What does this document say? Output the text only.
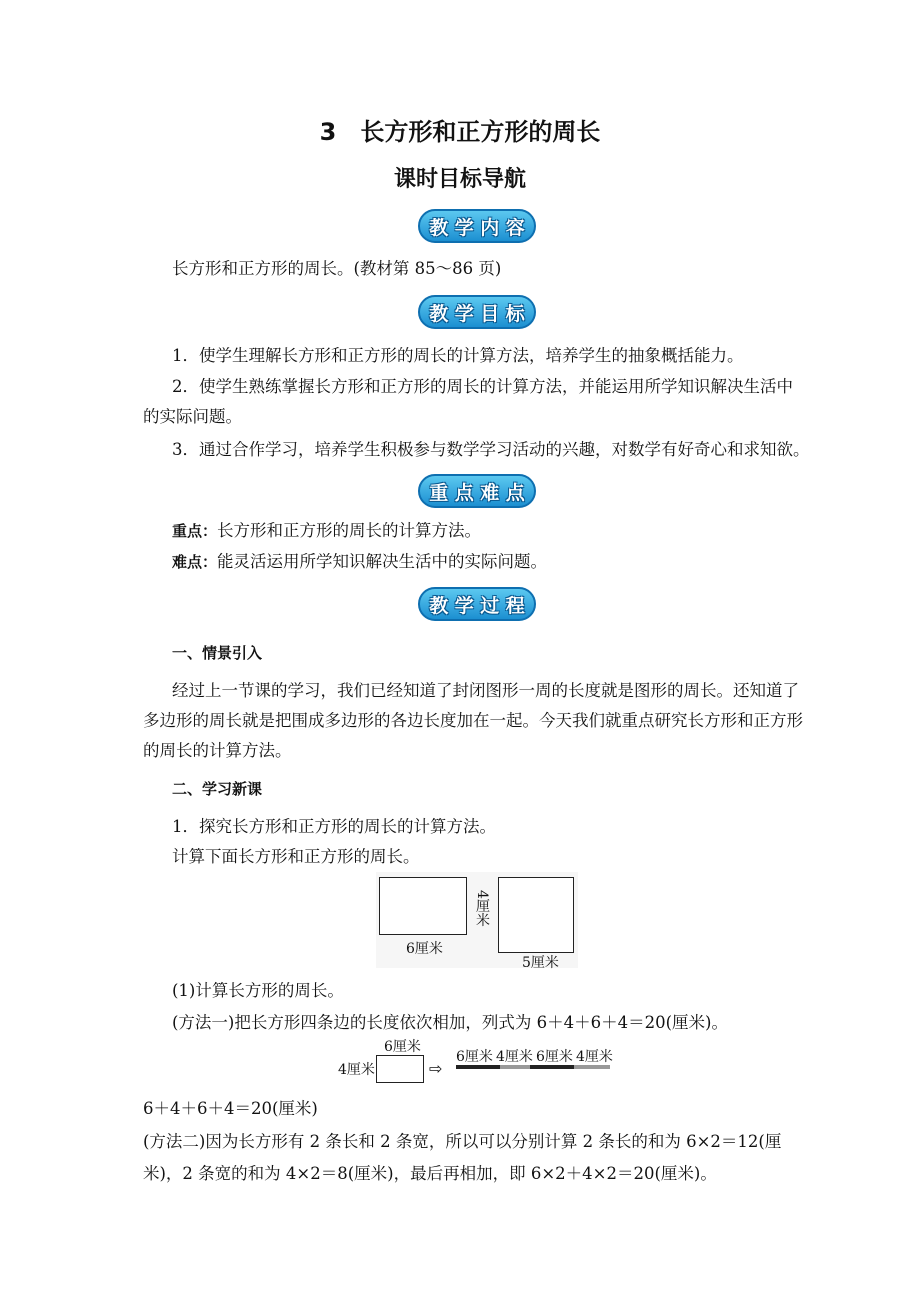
3　长方形和正方形的周长
课时目标导航
教 学 内 容
长方形和正方形的周长。(教材第 85～86 页)
教 学 目 标
1．使学生理解长方形和正方形的周长的计算方法，培养学生的抽象概括能力。
2．使学生熟练掌握长方形和正方形的周长的计算方法，并能运用所学知识解决生活中
的实际问题。
3．通过合作学习，培养学生积极参与数学学习活动的兴趣，对数学有好奇心和求知欲。
重 点 难 点
重点：长方形和正方形的周长的计算方法。
难点：能灵活运用所学知识解决生活中的实际问题。
教 学 过 程
一、情景引入
经过上一节课的学习，我们已经知道了封闭图形一周的长度就是图形的周长。还知道了
多边形的周长就是把围成多边形的各边长度加在一起。今天我们就重点研究长方形和正方形
的周长的计算方法。
二、学习新课
1．探究长方形和正方形的周长的计算方法。
计算下面长方形和正方形的周长。
6厘米
4厘米
5厘米
(1)计算长方形的周长。
(方法一)把长方形四条边的长度依次相加，列式为 6＋4＋6＋4＝20(厘米)。
6厘米
4厘米	⇨
6厘米 4厘米 6厘米 4厘米
6＋4＋6＋4＝20(厘米)
(方法二)因为长方形有 2 条长和 2 条宽，所以可以分别计算 2 条长的和为 6×2＝12(厘
米)，2 条宽的和为 4×2＝8(厘米)，最后再相加，即 6×2＋4×2＝20(厘米)。
